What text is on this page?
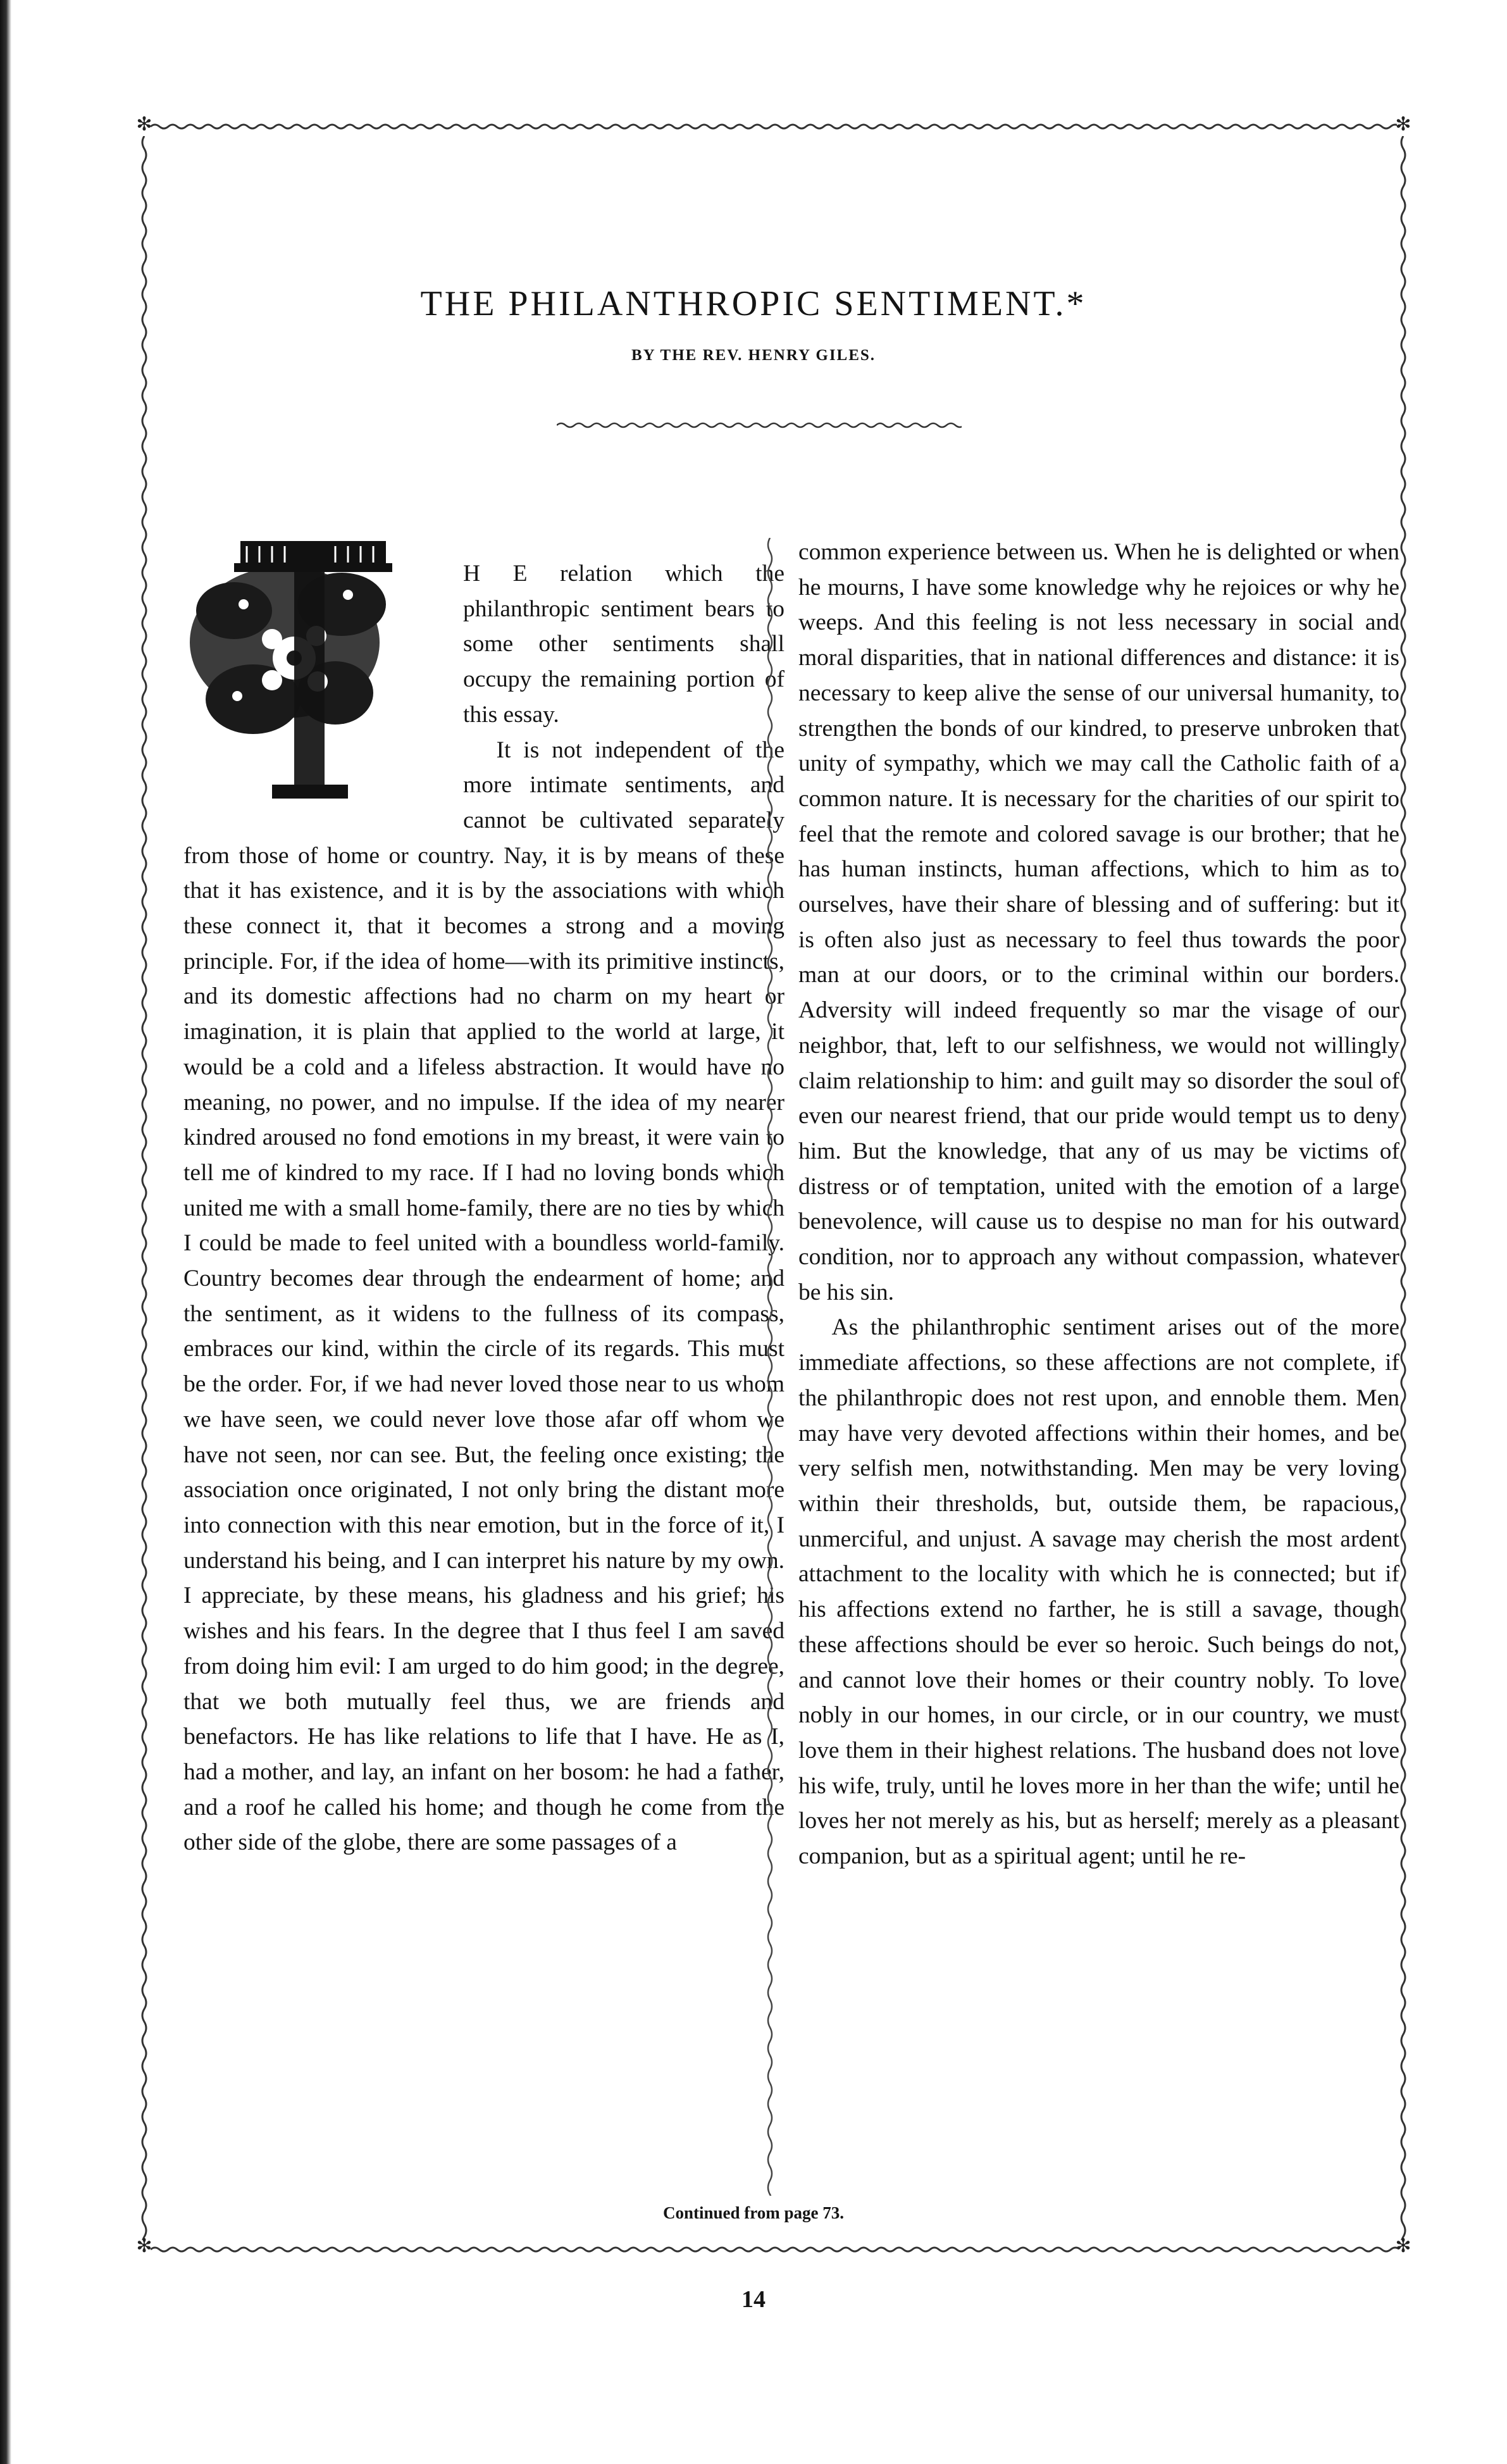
✻	✻
✻	✻
THE PHILANTHROPIC SENTIMENT.*
BY THE REV. HENRY GILES.

H E relation which the philanthropic sentiment bears to some other sentiments shall occupy the remaining portion of this essay.

It is not independent of the more intimate sentiments, and cannot be cultivated separately from those of home or country. Nay, it is by means of these that it has existence, and it is by the associations with which these connect it, that it becomes a strong and a moving principle. For, if the idea of home—with its primitive instincts, and its domestic affections had no charm on my heart or imagination, it is plain that applied to the world at large, it would be a cold and a lifeless abstraction. It would have no meaning, no power, and no impulse. If the idea of my nearer kindred aroused no fond emotions in my breast, it were vain to tell me of kindred to my race. If I had no loving bonds which united me with a small home-family, there are no ties by which I could be made to feel united with a boundless world-family. Country becomes dear through the endearment of home; and the sentiment, as it widens to the fullness of its compass, embraces our kind, within the circle of its regards. This must be the order. For, if we had never loved those near to us whom we have seen, we could never love those afar off whom we have not seen, nor can see. But, the feeling once existing; the association once originated, I not only bring the distant more into connection with this near emotion, but in the force of it, I understand his being, and I can interpret his nature by my own. I appreciate, by these means, his gladness and his grief; his wishes and his fears. In the degree that I thus feel I am saved from doing him evil: I am urged to do him good; in the degree, that we both mutually feel thus, we are friends and benefactors. He has like relations to life that I have. He as I, had a mother, and lay, an infant on her bosom: he had a father, and a roof he called his home; and though he come from the other side of the globe, there are some passages of a

common experience between us. When he is delighted or when he mourns, I have some knowledge why he rejoices or why he weeps. And this feeling is not less necessary in social and moral disparities, that in national differences and distance: it is necessary to keep alive the sense of our universal humanity, to strengthen the bonds of our kindred, to preserve unbroken that unity of sympathy, which we may call the Catholic faith of a common nature. It is necessary for the charities of our spirit to feel that the remote and colored savage is our brother; that he has human instincts, human affections, which to him as to ourselves, have their share of blessing and of suffering: but it is often also just as necessary to feel thus towards the poor man at our doors, or to the criminal within our borders. Adversity will indeed frequently so mar the visage of our neighbor, that, left to our selfishness, we would not willingly claim relationship to him: and guilt may so disorder the soul of even our nearest friend, that our pride would tempt us to deny him. But the knowledge, that any of us may be victims of distress or of temptation, united with the emotion of a large benevolence, will cause us to despise no man for his outward condition, nor to approach any without compassion, whatever be his sin.

As the philanthrophic sentiment arises out of the more immediate affections, so these affections are not complete, if the philanthropic does not rest upon, and ennoble them. Men may have very devoted affections within their homes, and be very selfish men, notwithstanding. Men may be very loving within their thresholds, but, outside them, be rapacious, unmerciful, and unjust. A savage may cherish the most ardent attachment to the locality with which he is connected; but if his affections extend no farther, he is still a savage, though these affections should be ever so heroic. Such beings do not, and cannot love their homes or their country nobly. To love nobly in our homes, in our circle, or in our country, we must love them in their highest relations. The husband does not love his wife, truly, until he loves more in her than the wife; until he loves her not merely as his, but as herself; merely as a pleasant companion, but as a spiritual agent; until he re-

Continued from page 73.
14
